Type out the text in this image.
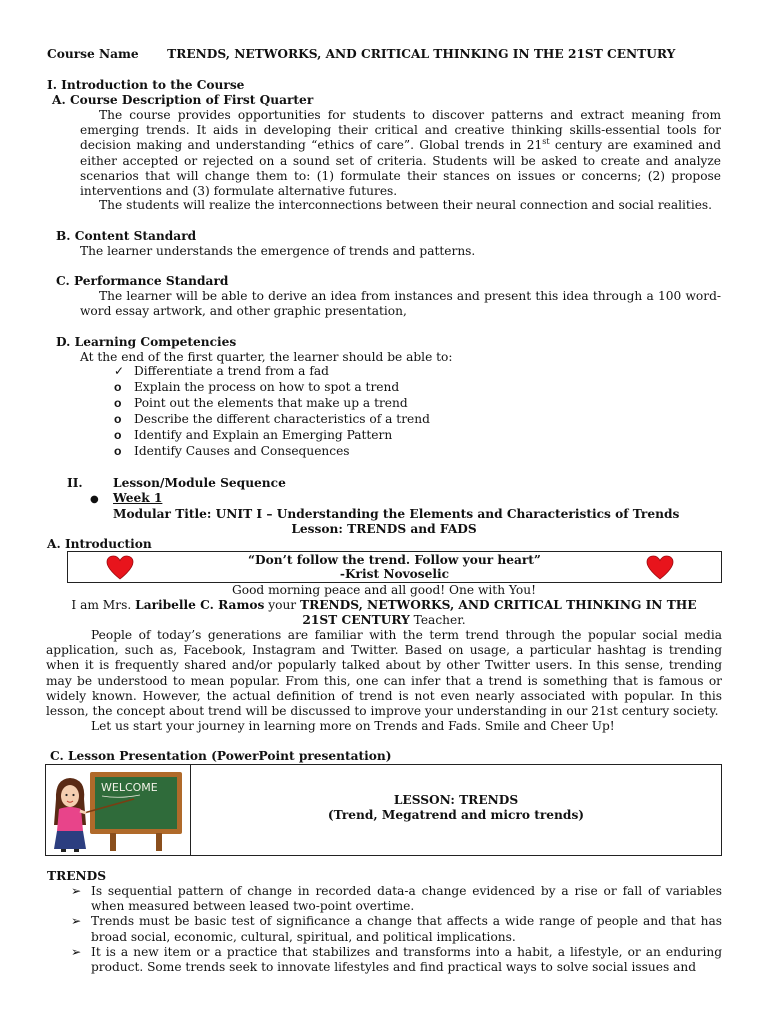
Course Name TRENDS, NETWORKS, AND CRITICAL THINKING IN THE 21ST CENTURY
I. Introduction to the Course
A. Course Description of First Quarter
The course provides opportunities for students to discover patterns and extract meaning from emerging trends. It aids in developing their critical and creative thinking skills-essential tools for decision making and understanding “ethics of care”. Global trends in 21st century are examined and either accepted or rejected on a sound set of criteria. Students will be asked to create and analyze scenarios that will change them to: (1) formulate their stances on issues or concerns; (2) propose interventions and (3) formulate alternative futures.
The students will realize the interconnections between their neural connection and social realities.
B. Content Standard
The learner understands the emergence of trends and patterns.
C. Performance Standard
The learner will be able to derive an idea from instances and present this idea through a 100 word-word essay artwork, and other graphic presentation,
D. Learning Competencies
At the end of the first quarter, the learner should be able to:
✓ Differentiate a trend from a fad
o	Explain the process on how to spot a trend
o	Point out the elements that make up a trend
o	Describe the different characteristics of a trend
o	Identify and Explain an Emerging Pattern
o	Identify Causes and Consequences
II. Lesson/Module Sequence
● Week 1
Modular Title: UNIT I – Understanding the Elements and Characteristics of Trends
Lesson: TRENDS and FADS
A. Introduction
“Don’t follow the trend. Follow your heart”
-Krist Novoselic
Good morning peace and all good! One with You!
I am Mrs. Laribelle C. Ramos your TRENDS, NETWORKS, AND CRITICAL THINKING IN THE
21ST CENTURY Teacher.
People of today’s generations are familiar with the term trend through the popular social media application, such as, Facebook, Instagram and Twitter. Based on usage, a particular hashtag is trending when it is frequently shared and/or popularly talked about by other Twitter users. In this sense, trending may be understood to mean popular. From this, one can infer that a trend is something that is famous or widely known. However, the actual definition of trend is not even nearly associated with popular. In this lesson, the concept about trend will be discussed to improve your understanding in our 21st century society.
Let us start your journey in learning more on Trends and Fads. Smile and Cheer Up!
C. Lesson Presentation (PowerPoint presentation)
WELCOME
LESSON: TRENDS
(Trend, Megatrend and micro trends)
TRENDS
➢ Is sequential pattern of change in recorded data-a change evidenced by a rise or fall of variables when measured between leased two-point overtime.
➢ Trends must be basic test of significance a change that affects a wide range of people and that has broad social, economic, cultural, spiritual, and political implications.
➢ It is a new item or a practice that stabilizes and transforms into a habit, a lifestyle, or an enduring product. Some trends seek to innovate lifestyles and find practical ways to solve social issues and
